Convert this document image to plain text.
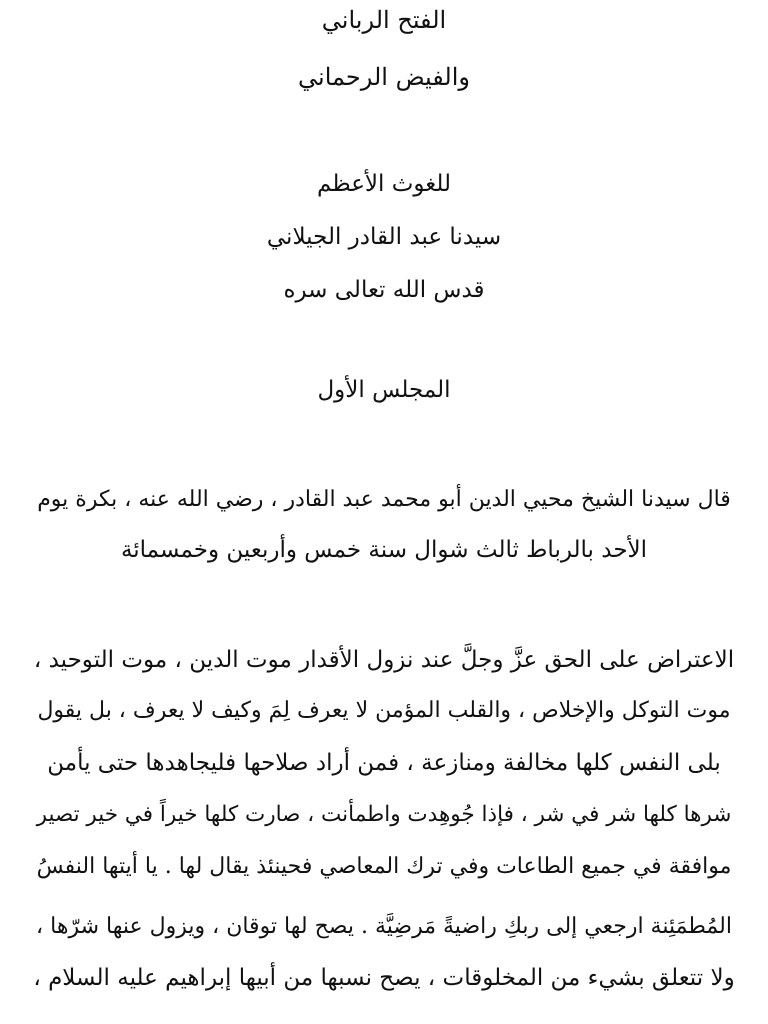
الفتح الرباني
والفيض الرحماني
للغوث الأعظم
سيدنا عبد القادر الجيلاني
قدس الله تعالى سره
المجلس الأول
قال سيدنا الشيخ محيي الدين أبو محمد عبد القادر ، رضي الله عنه ، بكرة يوم
الأحد بالرباط ثالث شوال سنة خمس وأربعين وخمسمائة
الاعتراض على الحق عزَّ وجلَّ عند نزول الأقدار موت الدين ، موت التوحيد ،
موت التوكل والإخلاص ، والقلب المؤمن لا يعرف لِمَ وكيف لا يعرف ، بل يقول
بلى النفس كلها مخالفة ومنازعة ، فمن أراد صلاحها فليجاهدها حتى يأمن
شرها كلها شر في شر ، فإذا جُوهِدت واطمأنت ، صارت كلها خيراً في خير تصير
موافقة في جميع الطاعات وفي ترك المعاصي فحينئذ يقال لها . يا أيتها النفسُ
المُطمَئِنة ارجعي إلى ربكِ راضيةً مَرضِيَّة . يصح لها توقان ، ويزول عنها شرّها ،
ولا تتعلق بشيء من المخلوقات ، يصح نسبها من أبيها إبراهيم عليه السلام ،
